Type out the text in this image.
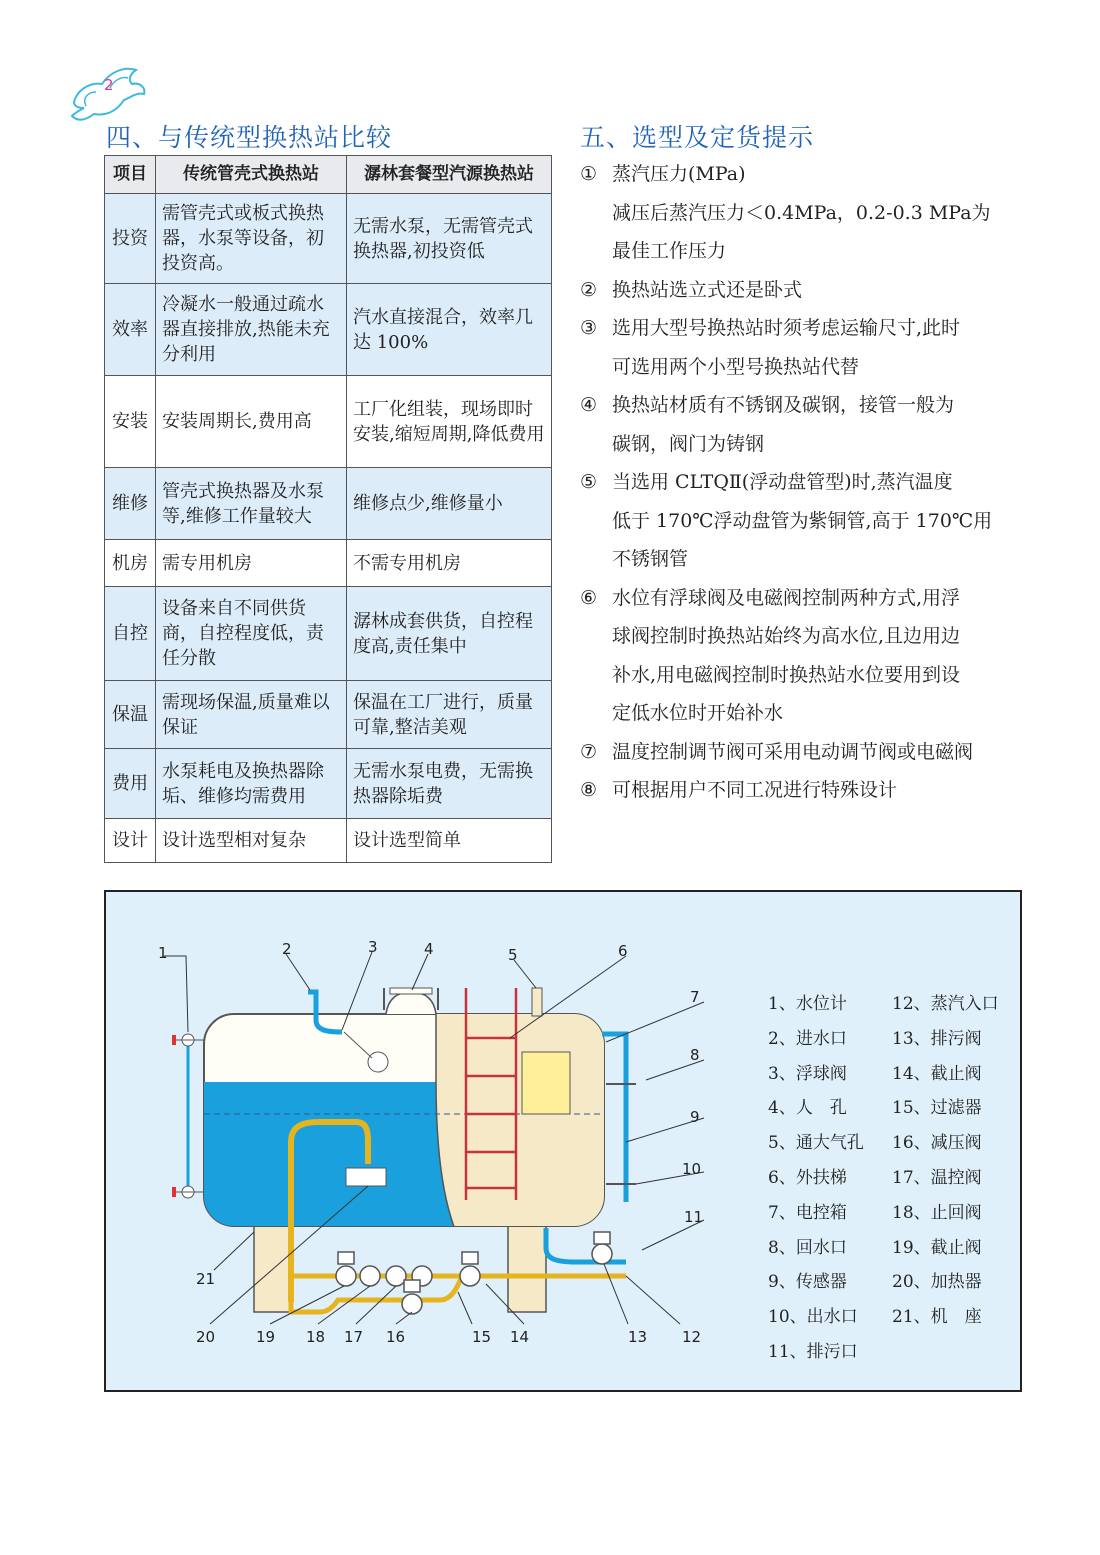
2
四、与传统型换热站比较
项目	传统管壳式换热站	潺林套餐型汽源换热站
投资	需管壳式或板式换热器，水泵等设备，初投资高。	无需水泵，无需管壳式换热器,初投资低
效率	冷凝水一般通过疏水器直接排放,热能未充分利用	汽水直接混合，效率几达 100%
安装	安装周期长,费用高	工厂化组装，现场即时安装,缩短周期,降低费用
维修	管壳式换热器及水泵等,维修工作量较大	维修点少,维修量小
机房	需专用机房	不需专用机房
自控	设备来自不同供货商，自控程度低，责任分散	潺林成套供货，自控程度高,责任集中
保温	需现场保温,质量难以保证	保温在工厂进行，质量可靠,整洁美观
费用	水泵耗电及换热器除垢、维修均需费用	无需水泵电费，无需换热器除垢费
设计	设计选型相对复杂	设计选型简单
五、选型及定货提示
① 蒸汽压力(MPa)
减压后蒸汽压力＜0.4MPa，0.2-0.3 MPa为
最佳工作压力
② 换热站选立式还是卧式
③ 选用大型号换热站时须考虑运输尺寸,此时
可选用两个小型号换热站代替
④ 换热站材质有不锈钢及碳钢，接管一般为
碳钢，阀门为铸钢
⑤ 当选用 CLTQⅡ(浮动盘管型)时,蒸汽温度
低于 170℃浮动盘管为紫铜管,高于 170℃用
不锈钢管
⑥ 水位有浮球阀及电磁阀控制两种方式,用浮
球阀控制时换热站始终为高水位,且边用边
补水,用电磁阀控制时换热站水位要用到设
定低水位时开始补水
⑦ 温度控制调节阀可采用电动调节阀或电磁阀
⑧ 可根据用户不同工况进行特殊设计
1	2	3	4	5	6
7
8
9
10
11
12
13
14
15
16
17
18
19
20
21
1、水位计
2、进水口
3、浮球阀
4、人　孔
5、通大气孔
6、外扶梯
7、电控箱
8、回水口
9、传感器
10、出水口
11、排污口
12、蒸汽入口
13、排污阀
14、截止阀
15、过滤器
16、减压阀
17、温控阀
18、止回阀
19、截止阀
20、加热器
21、机　座
